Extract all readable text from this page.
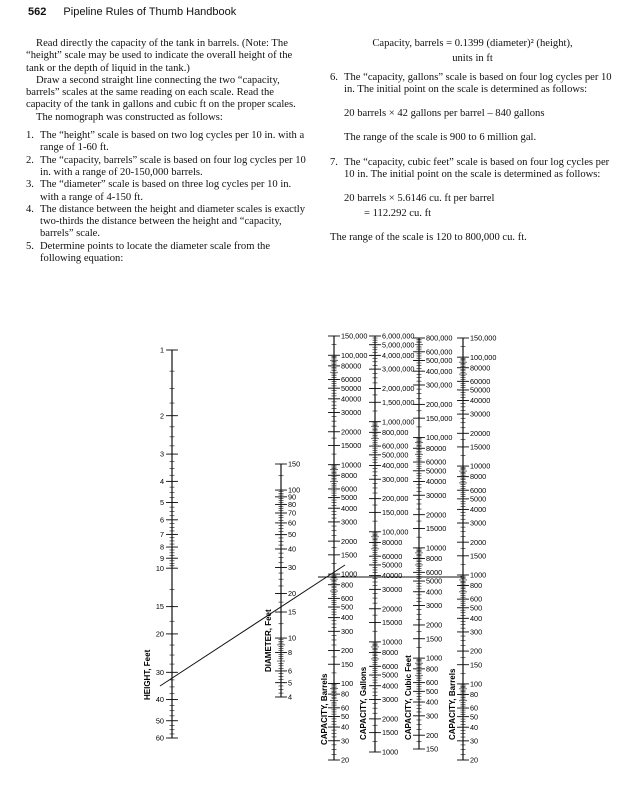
562 Pipeline Rules of Thumb Handbook

Read directly the capacity of the tank in barrels. (Note: The “height” scale may be used to indicate the overall height of the tank or the depth of liquid in the tank.)

Draw a second straight line connecting the two “capacity, barrels” scales at the same reading on each scale. Read the capacity of the tank in gallons and cubic ft on the proper scales.

The nomograph was constructed as follows:

1. The “height” scale is based on two log cycles per 10 in. with a range of 1-60 ft.
2. The “capacity, barrels” scale is based on four log cycles per 10 in. with a range of 20-150,000 barrels.
3. The “diameter” scale is based on three log cycles per 10 in. with a range of 4-150 ft.
4. The distance between the height and diameter scales is exactly two-thirds the distance between the height and “capacity, barrels” scale.
5. Determine points to locate the diameter scale from the following equation:

Capacity, barrels = 0.1399 (diameter)² (height),

units in ft

6. The “capacity, gallons” scale is based on four log cycles per 10 in. The initial point on the scale is determined as follows:

20 barrels × 42 gallons per barrel – 840 gallons

The range of the scale is 900 to 6 million gal.

7. The “capacity, cubic feet” scale is based on four log cycles per 10 in. The initial point on the scale is determined as follows:

20 barrels × 5.6146 cu. ft per barrel

= 112.292 cu. ft

The range of the scale is 120 to 800,000 cu. ft.

1
2
3
4
5
6
7
8
9
10
15
20
30
40
50
60
150
100
90
80
70
60
50
40
30
20
15
10
8
6
5
4
150,000
100,000
80000
60000
50000
40000
30000
20000
15000
10000
8000
6000
5000
4000
3000
2000
1500
1000
800
600
500
400
300
200
150
100
80
60
50
40
30
20
6,000,000
5,000,000
4,000,000
3,000,000
2,000,000
1,500,000
1,000,000
800,000
600,000
500,000
400,000
300,000
200,000
150,000
100,000
80000
60000
50000
40000
30000
20000
15000
10000
8000
6000
5000
4000
3000
2000
1500
1000
800,000
600,000
500,000
400,000
300,000
200,000
150,000
100,000
80000
60000
50000
40000
30000
20000
15000
10000
8000
6000
5000
4000
3000
2000
1500
1000
800
600
500
400
300
200
150
150,000
100,000
80000
60000
50000
40000
30000
20000
15000
10000
8000
6000
5000
4000
3000
2000
1500
1000
800
600
500
400
300
200
150
100
80
60
50
40
30
20
HEIGHT, Feet
DIAMETER, Feet
CAPACITY, Barrels	CAPACITY, Gallons	CAPACITY, Cubic Feet	CAPACITY, Barrels
